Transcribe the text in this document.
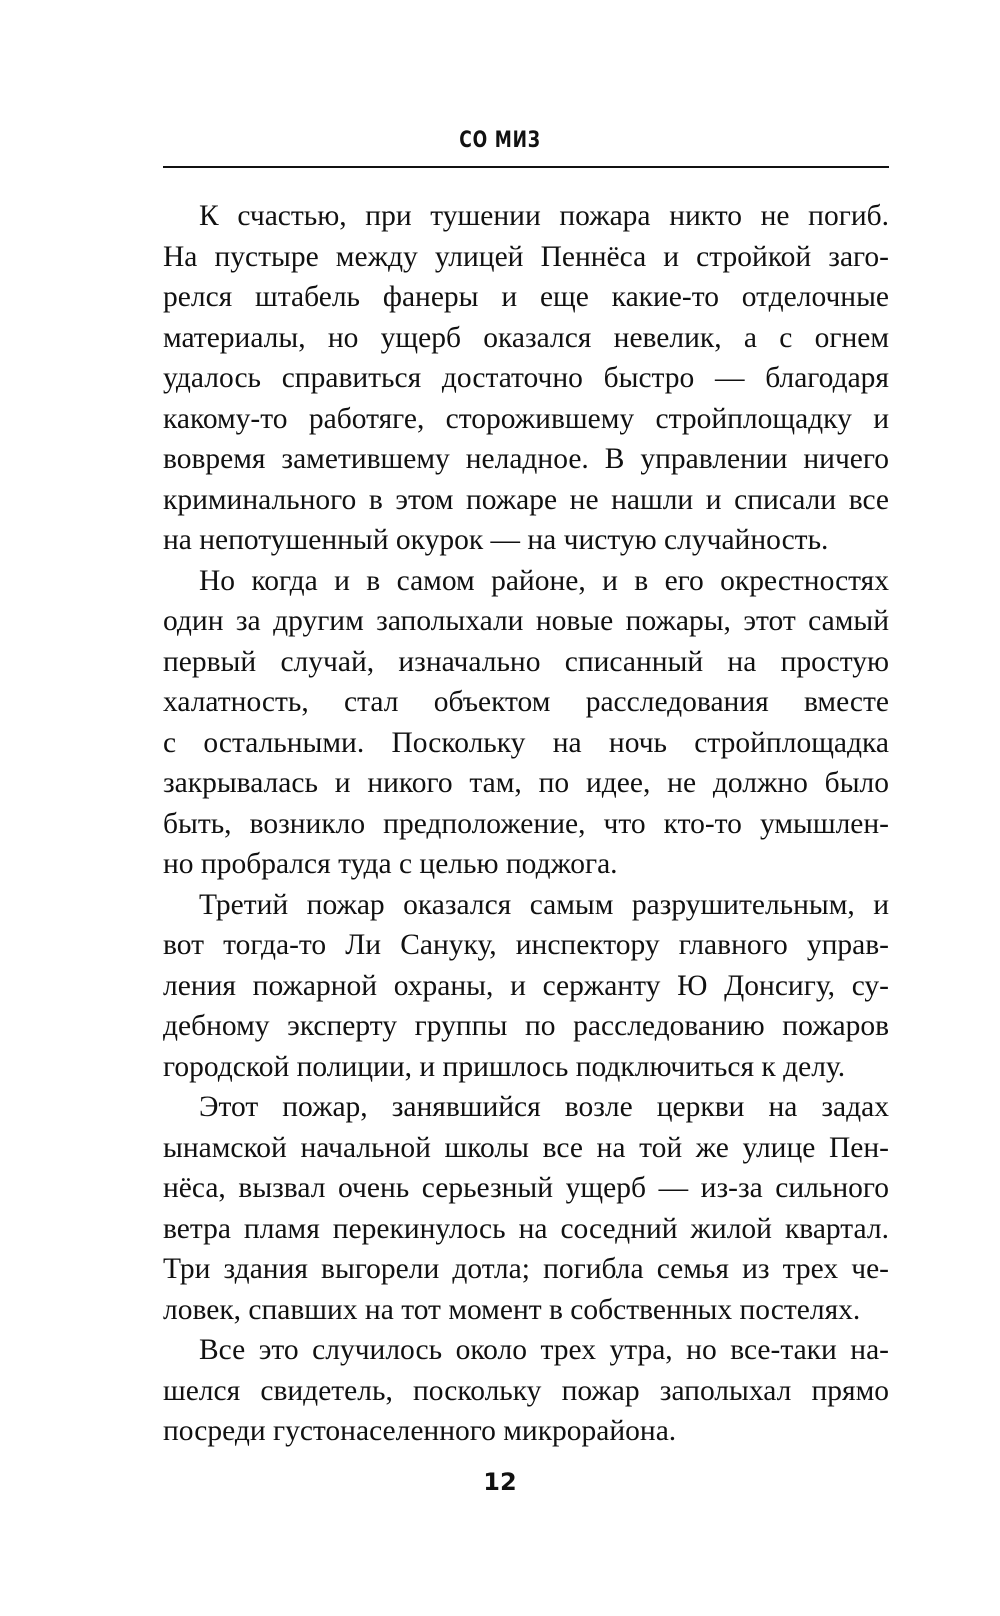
СО МИЗ
К счастью, при тушении пожара никто не погиб.
На пустыре между улицей Пеннёса и стройкой заго-
релся штабель фанеры и еще какие-то отделочные
материалы, но ущерб оказался невелик, а с огнем
удалось справиться достаточно быстро — благодаря
какому-то работяге, сторожившему стройплощадку и
вовремя заметившему неладное. В управлении ничего
криминального в этом пожаре не нашли и списали все
на непотушенный окурок — на чистую случайность.
Но когда и в самом районе, и в его окрестностях
один за другим заполыхали новые пожары, этот самый
первый случай, изначально списанный на простую
халатность, стал объектом расследования вместе
с остальными. Поскольку на ночь стройплощадка
закрывалась и никого там, по идее, не должно было
быть, возникло предположение, что кто-то умышлен-
но пробрался туда с целью поджога.
Третий пожар оказался самым разрушительным, и
вот тогда-то Ли Сануку, инспектору главного управ-
ления пожарной охраны, и сержанту Ю Донсигу, су-
дебному эксперту группы по расследованию пожаров
городской полиции, и пришлось подключиться к делу.
Этот пожар, занявшийся возле церкви на задах
ынамской начальной школы все на той же улице Пен-
нёса, вызвал очень серьезный ущерб — из-за сильного
ветра пламя перекинулось на соседний жилой квартал.
Три здания выгорели дотла; погибла семья из трех че-
ловек, спавших на тот момент в собственных постелях.
Все это случилось около трех утра, но все-таки на-
шелся свидетель, поскольку пожар заполыхал прямо
посреди густонаселенного микрорайона.
12
